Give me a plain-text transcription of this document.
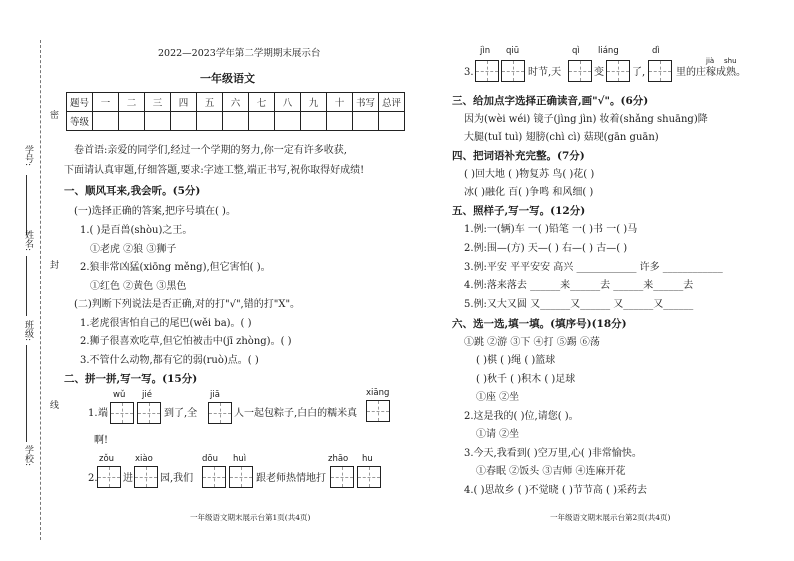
学号:
姓名:
班级:
学校:
密
封
线
2022—2023学年第二学期期末展示台
一年级语文
题号	一	二	三	四	五	六	七	八	九	十	书写	总评
等级												
卷首语:亲爱的同学们,经过一个学期的努力,你一定有许多收获,
下面请认真审题,仔细答题,要求:字迹工整,端正书写,祝你取得好成绩!
一、顺风耳来,我会听。(5分)
(一)选择正确的答案,把序号填在( )。
1.( )是百兽(shòu)之王。
①老虎 ②狼 ③狮子
2.狼非常凶猛(xiōng měng),但它害怕( )。
①红色 ②黄色 ③黑色
(二)判断下列说法是否正确,对的打"√",错的打"X"。
1.老虎很害怕自己的尾巴(wěi ba)。( )
2.狮子很喜欢吃草,但它怕被击中(jī zhòng)。( )
3.不管什么动物,都有它的弱(ruò)点。( )
二、拼一拼,写一写。(15分)
wǔ jié	jiā	xiāng
1. 端	到了,全	人一起包粽子,白白的糯米真
啊!
zǒu xiào	dōu huì	zhāo hu
2.	进	园,我们	跟老师热情地打
一年级语文期末展示台第1页(共4页)
jìn qiū	qì liáng	dì
jià shu
3.	时节,天	变	了,	里的庄稼成熟。
三、给加点字选择正确读音,画"√"。(6分)
因为(wèi wéi) 镜子(jìng jìn) 妆着(shǎng shuāng)降
大腿(tuǐ tuì) 翅膀(chì cì) 菇现(gān guān)
四、把词语补充完整。(7分)
( )回大地 ( )物复苏 鸟( )花( )
冰( )融化 百( )争鸣 和风细( )
五、照样子,写一写。(12分)
1.例:一(辆)车 一( )铅笔 一( )书 一( )马
2.例:围—(方) 天—( ) 右—( ) 古—( )
3.例:平安 平平安安 高兴 ____________ 许多 ____________
4.例:落来落去 ______来______去 ______来______去
5.例:又大又圆 又______又______ 又______又______
六、选一选,填一填。(填序号)(18分)
①跳 ②游 ③下 ④打 ⑤踢 ⑥荡
( )棋 ( )绳 ( )篮球
( )秋千 ( )积木 ( )足球
①座 ②坐
2.这是我的( )位,请您( )。
①请 ②坐
3.今天,我看到( )空万里,心( )非常愉快。
①春眠 ②饭头 ③吉师 ④连麻开花
4.( )思故乡 ( )不觉晓 ( )节节高 ( )采药去
一年级语文期末展示台第2页(共4页)
